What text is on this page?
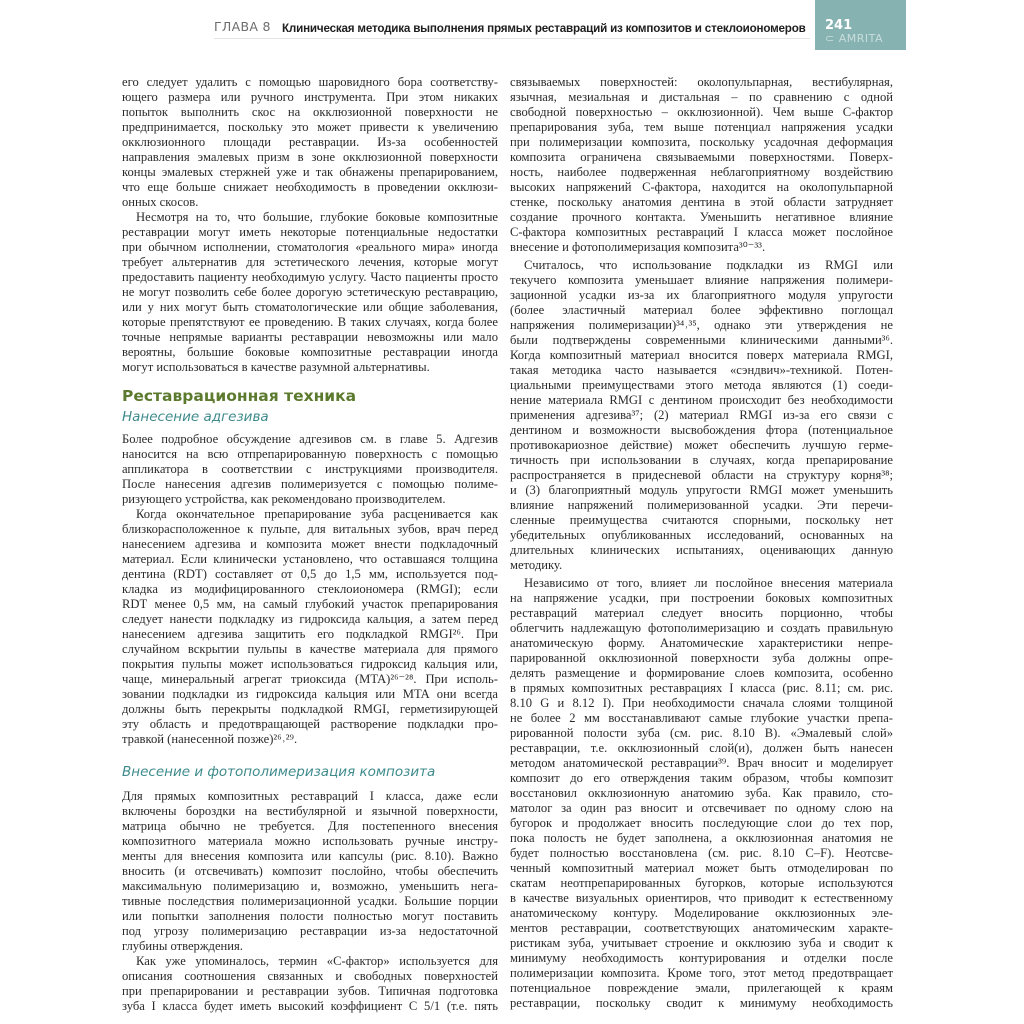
ГЛАВА 8 Клиническая методика выполнения прямых реставраций из композитов и стеклоиономеров 241
⊂ AMRITA
его следует удалить с помощью шаровидного бора соответству-
ющего размера или ручного инструмента. При этом никаких
попыток выполнить скос на окклюзионной поверхности не
предпринимается, поскольку это может привести к увеличению
окклюзионного площади реставрации. Из-за особенностей
направления эмалевых призм в зоне окклюзионной поверхности
концы эмалевых стержней уже и так обнажены препарированием,
что еще больше снижает необходимость в проведении окклюзи-
онных скосов.
Несмотря на то, что большие, глубокие боковые композитные
реставрации могут иметь некоторые потенциальные недостатки
при обычном исполнении, стоматология «реального мира» иногда
требует альтернатив для эстетического лечения, которые могут
предоставить пациенту необходимую услугу. Часто пациенты просто
не могут позволить себе более дорогую эстетическую реставрацию,
или у них могут быть стоматологические или общие заболевания,
которые препятствуют ее проведению. В таких случаях, когда более
точные непрямые варианты реставрации невозможны или мало
вероятны, большие боковые композитные реставрации иногда
могут использоваться в качестве разумной альтернативы.
Реставрационная техника
Нанесение адгезива
Более подробное обсуждение адгезивов см. в главе 5. Адгезив
наносится на всю отпрепарированную поверхность с помощью
аппликатора в соответствии с инструкциями производителя.
После нанесения адгезив полимеризуется с помощью полиме-
ризующего устройства, как рекомендовано производителем.
Когда окончательное препарирование зуба расценивается как
близкорасположенное к пульпе, для витальных зубов, врач перед
нанесением адгезива и композита может внести подкладочный
материал. Если клинически установлено, что оставшаяся толщина
дентина (RDT) составляет от 0,5 до 1,5 мм, используется под-
кладка из модифицированного стеклоиономера (RMGI); если
RDT менее 0,5 мм, на самый глубокий участок препарирования
следует нанести подкладку из гидроксида кальция, а затем перед
нанесением адгезива защитить его подкладкой RMGI²⁶. При
случайном вскрытии пульпы в качестве материала для прямого
покрытия пульпы может использоваться гидроксид кальция или,
чаще, минеральный агрегат триоксида (MTA)²⁶⁻²⁸. При исполь-
зовании подкладки из гидроксида кальция или MTA они всегда
должны быть перекрыты подкладкой RMGI, герметизирующей
эту область и предотвращающей растворение подкладки про-
травкой (нанесенной позже)²⁶˒²⁹.
Внесение и фотополимеризация композита
Для прямых композитных реставраций I класса, даже если
включены бороздки на вестибулярной и язычной поверхности,
матрица обычно не требуется. Для постепенного внесения
композитного материала можно использовать ручные инстру-
менты для внесения композита или капсулы (рис. 8.10). Важно
вносить (и отсвечивать) композит послойно, чтобы обеспечить
максимальную полимеризацию и, возможно, уменьшить нега-
тивные последствия полимеризационной усадки. Большие порции
или попытки заполнения полости полностью могут поставить
под угрозу полимеризацию реставрации из-за недостаточной
глубины отверждения.
Как уже упоминалось, термин «С-фактор» используется для
описания соотношения связанных и свободных поверхностей
при препарировании и реставрации зубов. Типичная подготовка
зуба I класса будет иметь высокий коэффициент С 5/1 (т.е. пять
связываемых поверхностей: околопульпарная, вестибулярная,
язычная, мезиальная и дистальная – по сравнению с одной
свободной поверхностью – окклюзионной). Чем выше С-фактор
препарирования зуба, тем выше потенциал напряжения усадки
при полимеризации композита, поскольку усадочная деформация
композита ограничена связываемыми поверхностями. Поверх-
ность, наиболее подверженная неблагоприятному воздействию
высоких напряжений С-фактора, находится на околопульпарной
стенке, поскольку анатомия дентина в этой области затрудняет
создание прочного контакта. Уменьшить негативное влияние
С-фактора композитных реставраций I класса может послойное
внесение и фотополимеризация композита³⁰⁻³³.
Считалось, что использование подкладки из RMGI или
текучего композита уменьшает влияние напряжения полимери-
зационной усадки из-за их благоприятного модуля упругости
(более эластичный материал более эффективно поглощал
напряжения полимеризации)³⁴˒³⁵, однако эти утверждения не
были подтверждены современными клиническими данными³⁶.
Когда композитный материал вносится поверх материала RMGI,
такая методика часто называется «сэндвич»-техникой. Потен-
циальными преимуществами этого метода являются (1) соеди-
нение материала RMGI с дентином происходит без необходимости
применения адгезива³⁷; (2) материал RMGI из-за его связи с
дентином и возможности высвобождения фтора (потенциальное
противокариозное действие) может обеспечить лучшую герме-
тичность при использовании в случаях, когда препарирование
распространяется в придесневой области на структуру корня³⁸;
и (3) благоприятный модуль упругости RMGI может уменьшить
влияние напряжений полимеризованной усадки. Эти перечи-
сленные преимущества считаются спорными, поскольку нет
убедительных опубликованных исследований, основанных на
длительных клинических испытаниях, оценивающих данную
методику.
Независимо от того, влияет ли послойное внесения материала
на напряжение усадки, при построении боковых композитных
реставраций материал следует вносить порционно, чтобы
облегчить надлежащую фотополимеризацию и создать правильную
анатомическую форму. Анатомические характеристики непре-
парированной окклюзионной поверхности зуба должны опре-
делять размещение и формирование слоев композита, особенно
в прямых композитных реставрациях I класса (рис. 8.11; см. рис.
8.10 G и 8.12 I). При необходимости сначала слоями толщиной
не более 2 мм восстанавливают самые глубокие участки препа-
рированной полости зуба (см. рис. 8.10 B). «Эмалевый слой»
реставрации, т.е. окклюзионный слой(и), должен быть нанесен
методом анатомической реставрации³⁹. Врач вносит и моделирует
композит до его отверждения таким образом, чтобы композит
восстановил окклюзионную анатомию зуба. Как правило, сто-
матолог за один раз вносит и отсвечивает по одному слою на
бугорок и продолжает вносить последующие слои до тех пор,
пока полость не будет заполнена, а окклюзионная анатомия не
будет полностью восстановлена (см. рис. 8.10 C–F). Неотсве-
ченный композитный материал может быть отмоделирован по
скатам неотпрепарированных бугорков, которые используются
в качестве визуальных ориентиров, что приводит к естественному
анатомическому контуру. Моделирование окклюзионных эле-
ментов реставрации, соответствующих анатомическим характе-
ристикам зуба, учитывает строение и окклюзию зуба и сводит к
минимуму необходимость контурирования и отделки после
полимеризации композита. Кроме того, этот метод предотвращает
потенциальное повреждение эмали, прилегающей к краям
реставрации, поскольку сводит к минимуму необходимость
